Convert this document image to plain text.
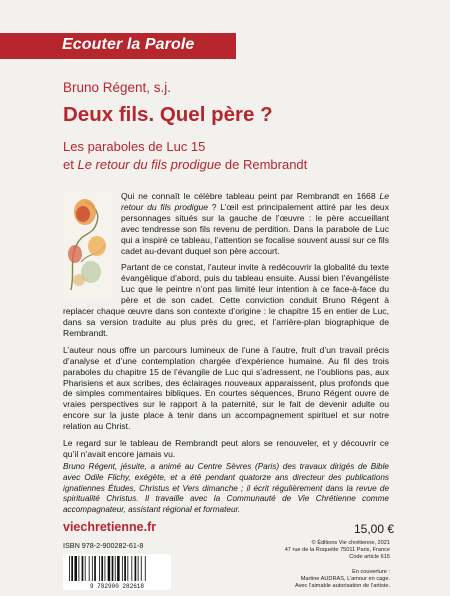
Ecouter la Parole
Bruno Régent, s.j.
Deux fils. Quel père ?
Les paraboles de Luc 15
et Le retour du fils prodigue de Rembrandt

Qui ne connaît le célèbre tableau peint par Rembrandt en 1668 Le retour du fils prodigue ? L’œil est principalement attiré par les deux personnages situés sur la gauche de l’œuvre : le père accueillant avec tendresse son fils revenu de perdition. Dans la parabole de Luc qui a inspiré ce tableau, l’attention se focalise souvent aussi sur ce fils cadet au-devant duquel son père accourt.

Partant de ce constat, l’auteur invite à redécouvrir la globalité du texte évangélique d’abord, puis du tableau ensuite. Aussi bien l’évangéliste Luc que le peintre n’ont pas limité leur intention à ce face-à-face du père et de son cadet. Cette conviction conduit Bruno Régent à replacer chaque œuvre dans son contexte d’origine : le chapitre 15 en entier de Luc, dans sa version traduite au plus près du grec, et l’arrière-plan biographique de Rembrandt.

L’auteur nous offre un parcours lumineux de l’une à l’autre, fruit d’un travail précis d’analyse et d’une contemplation chargée d’expérience humaine. Au fil des trois paraboles du chapitre 15 de l’évangile de Luc qui s’adressent, ne l’oublions pas, aux Pharisiens et aux scribes, des éclairages nouveaux apparaissent, plus profonds que de simples commentaires bibliques. En courtes séquences, Bruno Régent ouvre de vraies perspectives sur le rapport à la paternité, sur le fait de devenir adulte ou encore sur la juste place à tenir dans un accompagnement spirituel et sur notre relation au Christ.

Le regard sur le tableau de Rembrandt peut alors se renouveler, et y découvrir ce qu’il n’avait encore jamais vu.

Bruno Régent, jésuite, a animé au Centre Sèvres (Paris) des travaux dirigés de Bible avec Odile Flichy, exégète, et a été pendant quatorze ans directeur des publications ignatiennes Études, Christus et Vers dimanche ; il écrit régulièrement dans la revue de spiritualité Christus. Il travaille avec la Communauté de Vie Chrétienne comme accompagnateur, assistant régional et formateur.
viechretienne.fr	15,00 €
ISBN 978-2-900282-61-8	© Éditions Vie chrétienne, 2021
47 rue de la Roquette 75011 Paris, France
Code article 615
En couverture :
Martine AUDRAS, L’amour en cage.
Avec l’aimable autorisation de l’artiste.
9 782900 282618
